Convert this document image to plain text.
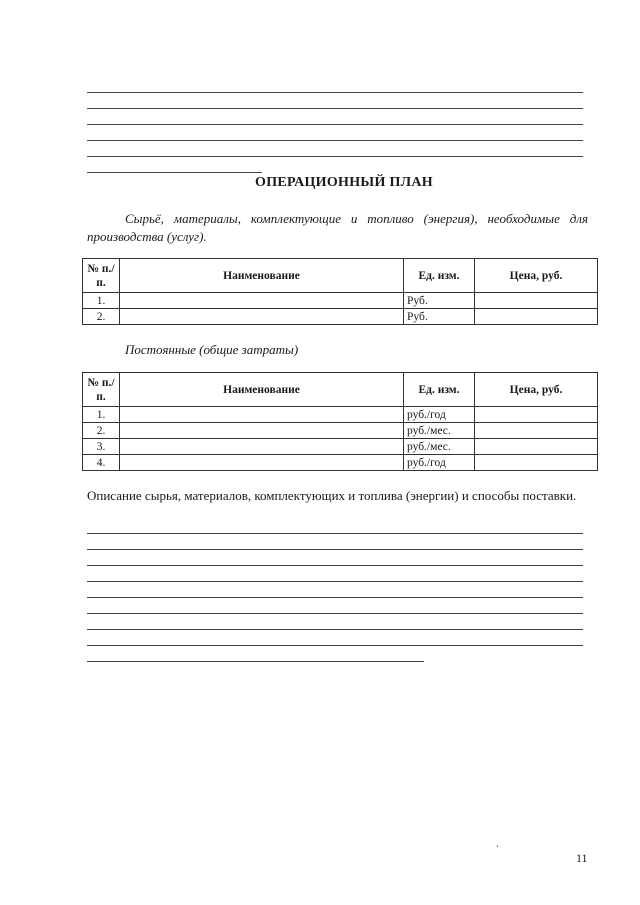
ОПЕРАЦИОННЫЙ ПЛАН
Сырьё, материалы, комплектующие и топливо (энергия), необходимые для производства (услуг).
№ п./п.	Наименование	Ед. изм.	Цена, руб.
1.		Руб.	
2.		Руб.	
Постоянные (общие затраты)
№ п./п.	Наименование	Ед. изм.	Цена, руб.
1.		руб./год	
2.		руб./мес.	
3.		руб./мес.	
4.		руб./год	
Описание сырья, материалов, комплектующих и топлива (энергии) и способы поставки.
11
